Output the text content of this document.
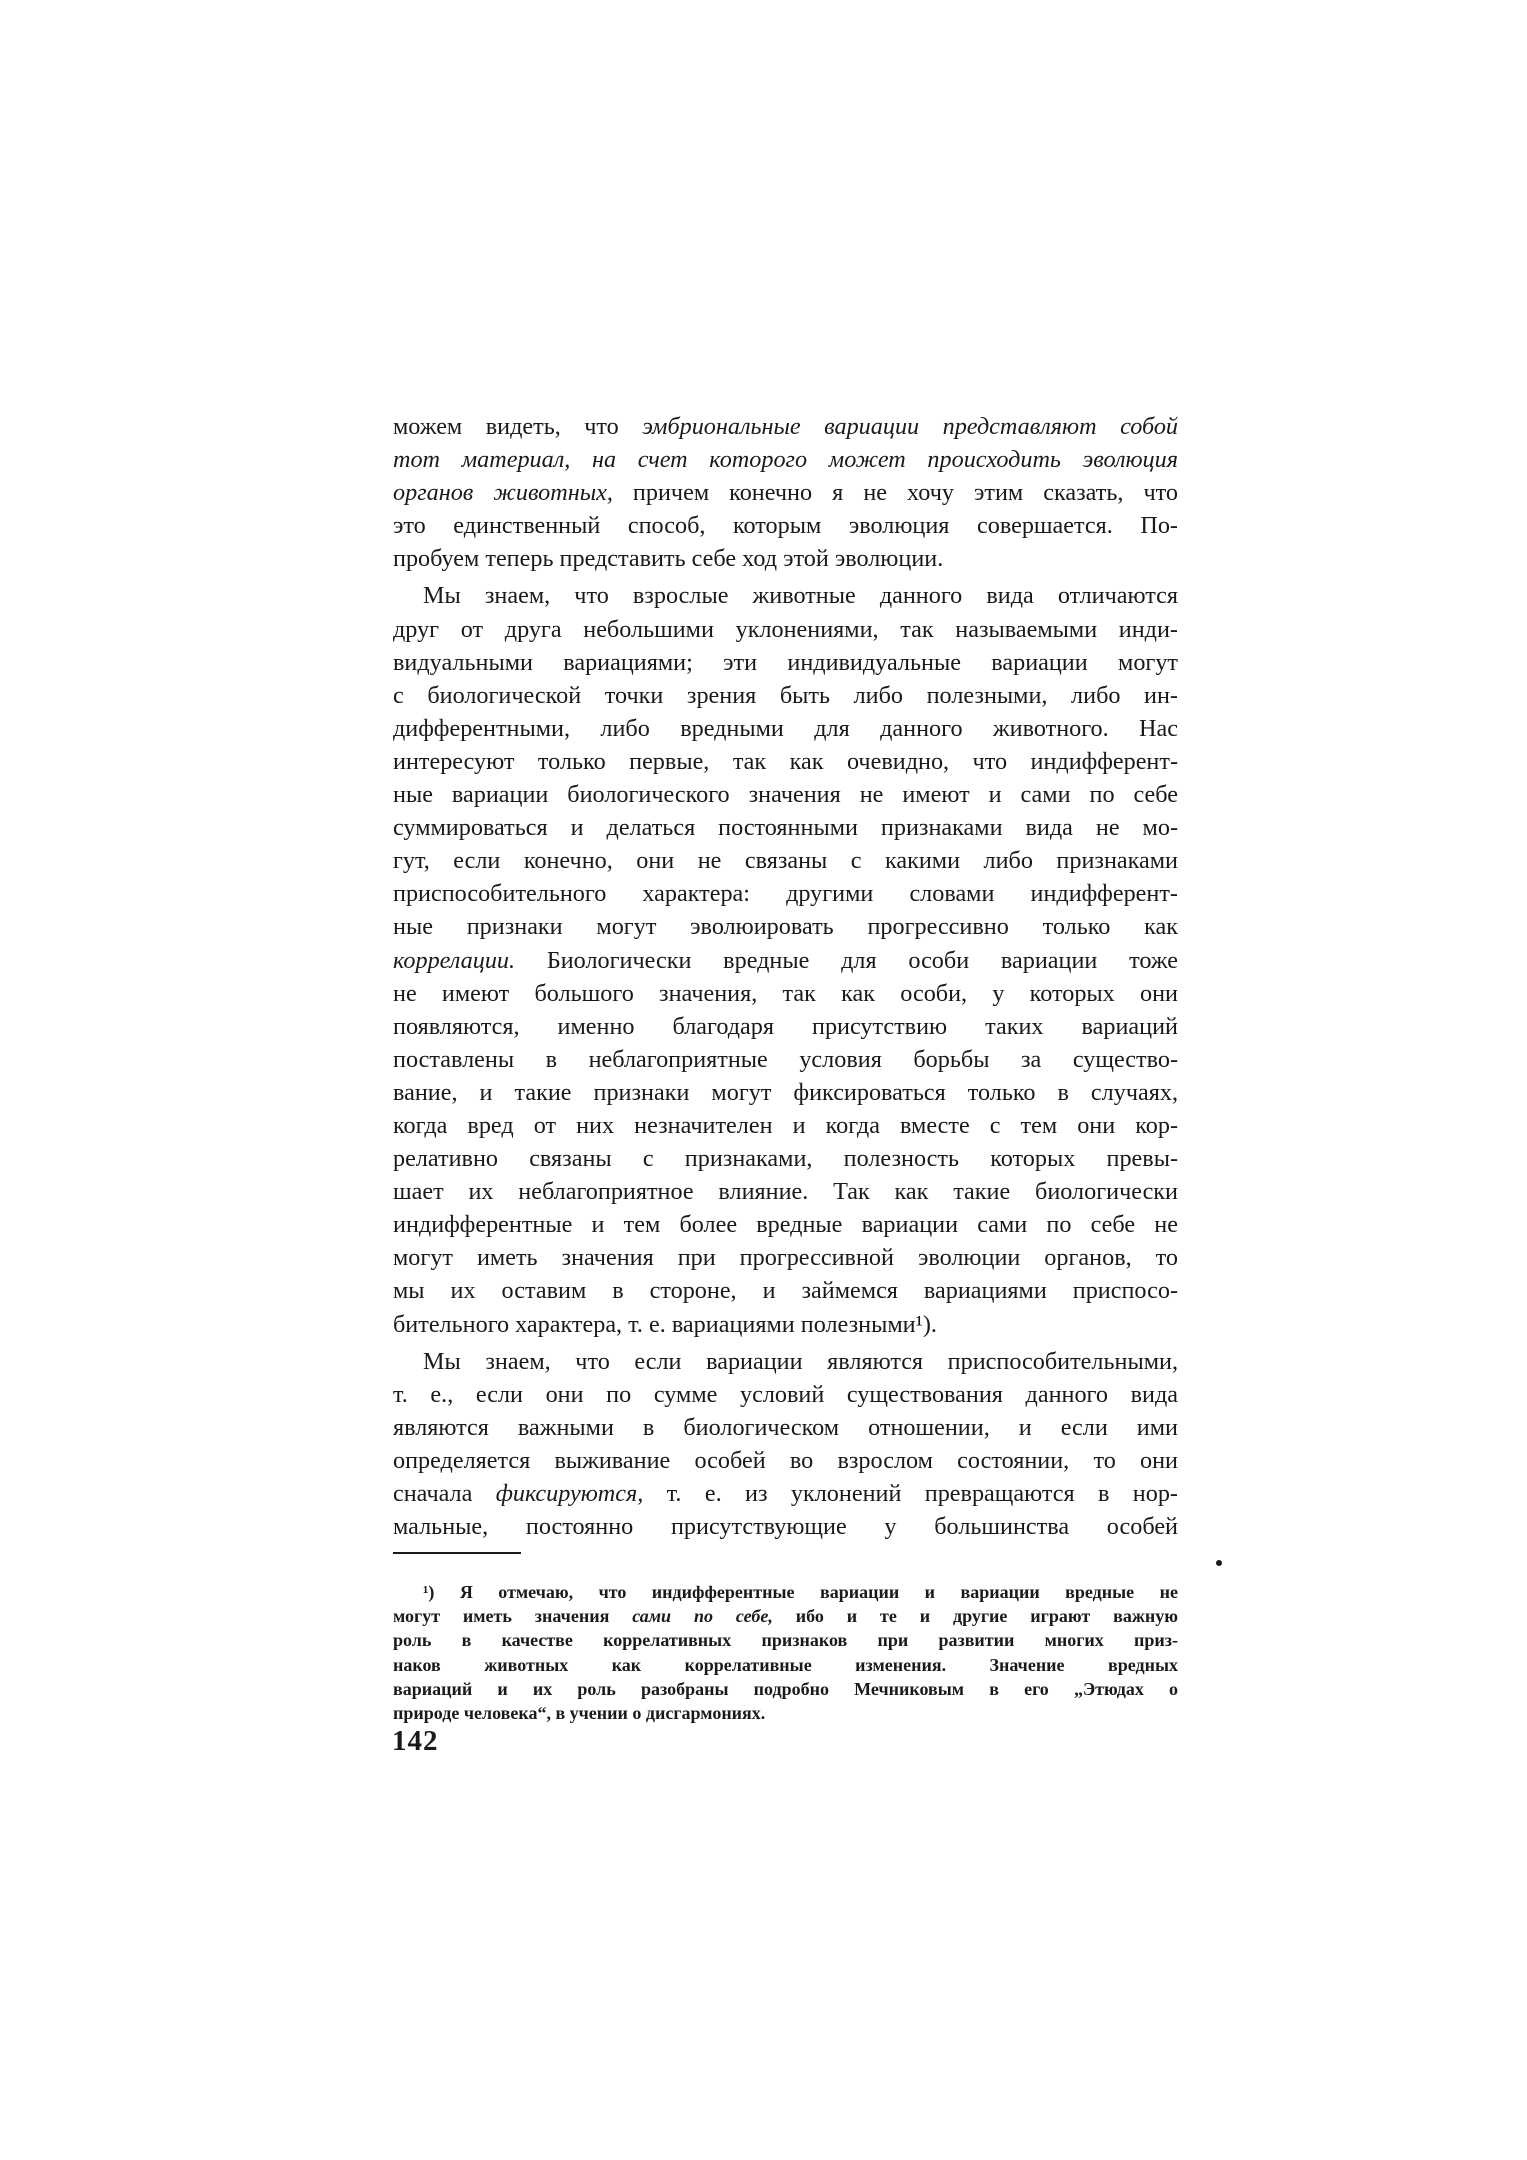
можем видеть, что эмбриональные вариации представляют собой
тот материал, на счет которого может происходить эволюция
органов животных, причем конечно я не хочу этим сказать, что
это единственный способ, которым эволюция совершается. По-
пробуем теперь представить себе ход этой эволюции.
Мы знаем, что взрослые животные данного вида отличаются
друг от друга небольшими уклонениями, так называемыми инди-
видуальными вариациями; эти индивидуальные вариации могут
с биологической точки зрения быть либо полезными, либо ин-
дифферентными, либо вредными для данного животного. Нас
интересуют только первые, так как очевидно, что индифферент-
ные вариации биологического значения не имеют и сами по себе
суммироваться и делаться постоянными признаками вида не мо-
гут, если конечно, они не связаны с какими либо признаками
приспособительного характера: другими словами индифферент-
ные признаки могут эволюировать прогрессивно только как
коррелации. Биологически вредные для особи вариации тоже
не имеют большого значения, так как особи, у которых они
появляются, именно благодаря присутствию таких вариаций
поставлены в неблагоприятные условия борьбы за существо-
вание, и такие признаки могут фиксироваться только в случаях,
когда вред от них незначителен и когда вместе с тем они кор-
релативно связаны с признаками, полезность которых превы-
шает их неблагоприятное влияние. Так как такие биологически
индифферентные и тем более вредные вариации сами по себе не
могут иметь значения при прогрессивной эволюции органов, то
мы их оставим в стороне, и займемся вариациями приспосо-
бительного характера, т. е. вариациями полезными¹).
Мы знаем, что если вариации являются приспособительными,
т. е., если они по сумме условий существования данного вида
являются важными в биологическом отношении, и если ими
определяется выживание особей во взрослом состоянии, то они
сначала фиксируются, т. е. из уклонений превращаются в нор-
мальные, постоянно присутствующие у большинства особей
¹) Я отмечаю, что индифферентные вариации и вариации вредные не
могут иметь значения сами по себе, ибо и те и другие играют важную
роль в качестве коррелативных признаков при развитии многих приз-
наков животных как коррелативные изменения. Значение вредных
вариаций и их роль разобраны подробно Мечниковым в его „Этюдах о
природе человека“, в учении о дисгармониях.
142
